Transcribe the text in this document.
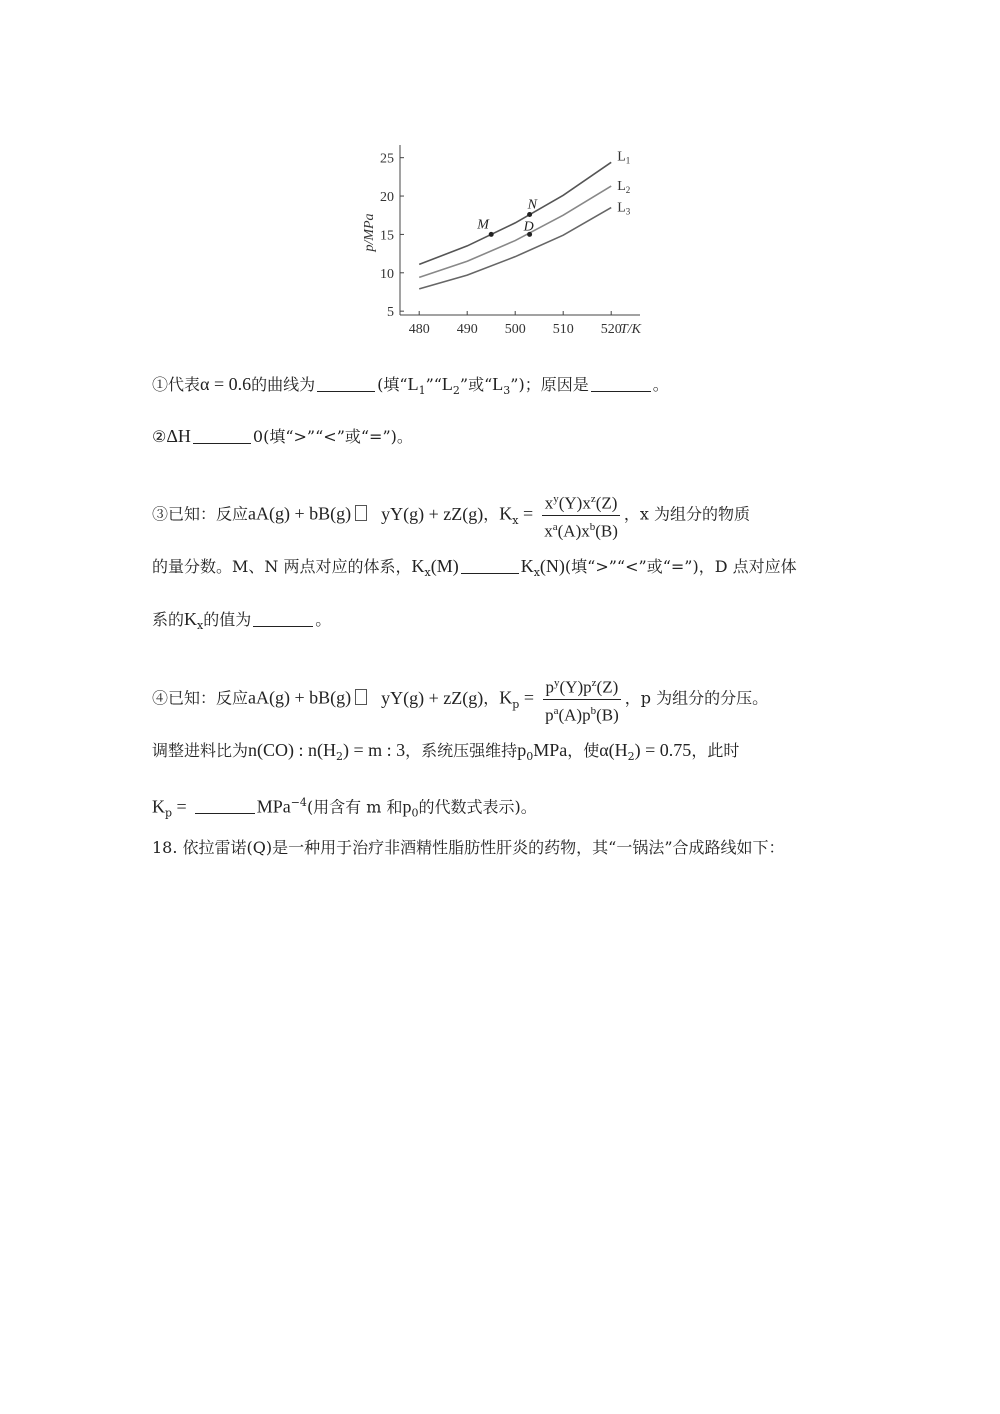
480 490 500 510 520
5
10
15
20
25
T/K
p/MPa
$L_1$
$L_2$
$L_3$
M
N
D
①代表α = 0.6的曲线为	(填“$L_1”“L_2$”或“$L_3$”)；原因是	。
②ΔH	0(填“>”“<”或“=”)。
③已知：反应aA(g) + bB(g) yY(g) + zZ(g)，$K_x = \frac{x^y(Y)x^z(Z)}{x^a(A)x^b(B)}$ ，x 为组分的物质
的量分数。M、N 两点对应的体系，$K_x(M)$	$K_x(N)$(填“>”“<”或“=”)，D 点对应体
系的$K_x$的值为	。
④已知：反应aA(g) + bB(g) yY(g) + zZ(g)，$K_p = \frac{p^y(Y)p^z(Z)}{p^a(A)p^b(B)}$ ，p 为组分的分压。
调整进料比为n(CO) : $n(H_2) = m$ : 3，系统压强维持$p_0MPa$，使$\alpha(H_2) = 0.75$，此时
$K_p$ =	MPa$^{-4}$(用含有 m 和$p_0$的代数式表示)。
18. 依拉雷诺(Q)是一种用于治疗非酒精性脂肪性肝炎的药物，其“一锅法”合成路线如下：
